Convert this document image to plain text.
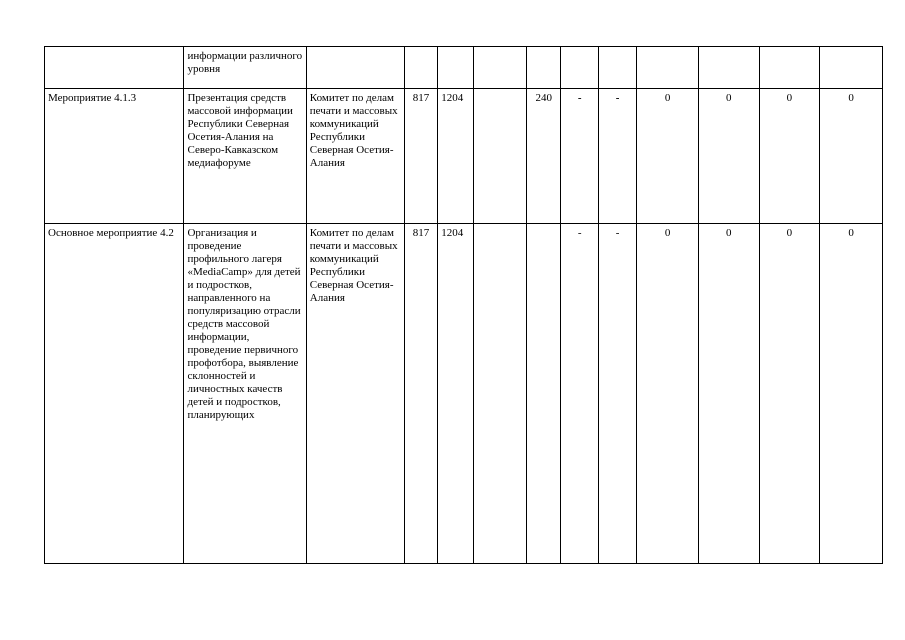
	информации различного уровня											
Мероприятие 4.1.3	Презентация средств массовой информации Республики Северная Осетия-Алания на Северо-Кавказском медиафоруме	Комитет по делам печати и массовых коммуникаций Республики Северная Осетия-Алания	817	1204		240	-	-	0	0	0	0
Основное мероприятие 4.2	Организация и проведение профильного лагеря «MediaCamp» для детей и подростков, направленного на популяризацию отрасли средств массовой информации, проведение первичного профотбора, выявление склонностей и личностных качеств детей и подростков, планирующих	Комитет по делам печати и массовых коммуникаций Республики Северная Осетия-Алания	817	1204			-	-	0	0	0	0
